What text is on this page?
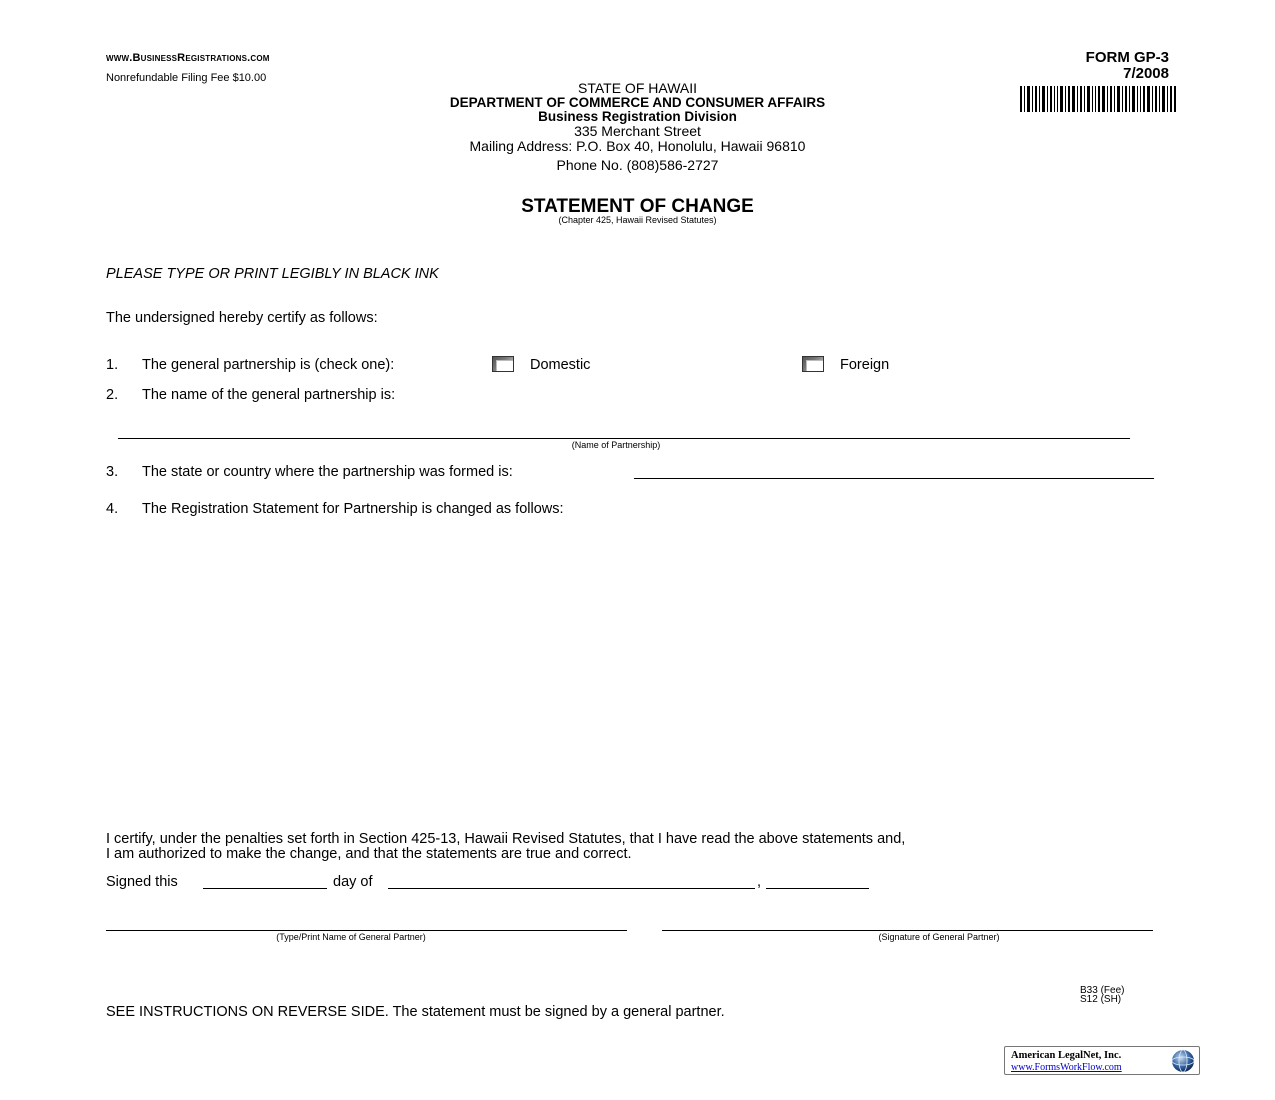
www.BusinessRegistrations.com
Nonrefundable Filing Fee $10.00
FORM GP-3
7/2008
STATE OF HAWAII
DEPARTMENT OF COMMERCE AND CONSUMER AFFAIRS
Business Registration Division
335 Merchant Street
Mailing Address: P.O. Box 40, Honolulu, Hawaii 96810
Phone No. (808)586-2727
STATEMENT OF CHANGE
(Chapter 425, Hawaii Revised Statutes)
PLEASE TYPE OR PRINT LEGIBLY IN BLACK INK
The undersigned hereby certify as follows:
1. The general partnership is (check one):	Domestic	Foreign
2. The name of the general partnership is:
(Name of Partnership)
3. The state or country where the partnership was formed is:
4. The Registration Statement for Partnership is changed as follows:
I certify, under the penalties set forth in Section 425-13, Hawaii Revised Statutes, that I have read the above statements and,
I am authorized to make the change, and that the statements are true and correct.
Signed this	day of	,
(Type/Print Name of General Partner)	(Signature of General Partner)
B33 (Fee)
S12 (SH)
SEE INSTRUCTIONS ON REVERSE SIDE. The statement must be signed by a general partner.
American LegalNet, Inc.
www.FormsWorkFlow.com
